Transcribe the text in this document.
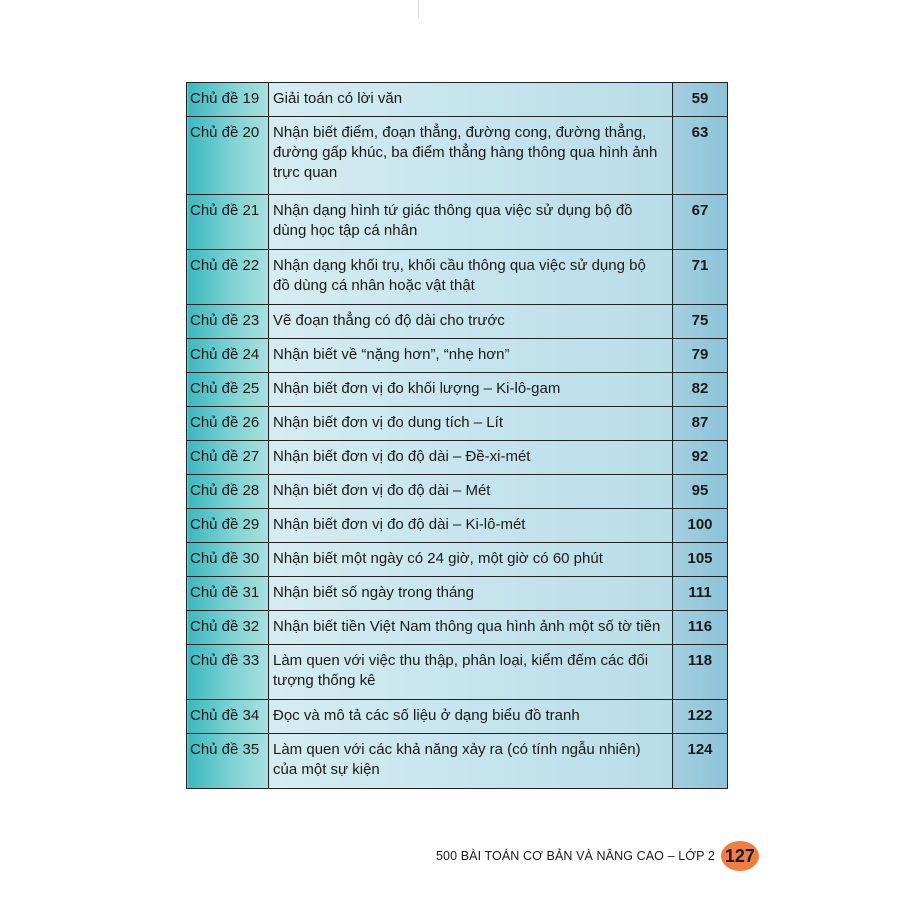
Chủ đề 19	Giải toán có lời văn	59
Chủ đề 20	Nhận biết điểm, đoạn thẳng, đường cong, đường thẳng, đường gấp khúc, ba điểm thẳng hàng thông qua hình ảnh trực quan	63
Chủ đề 21	Nhận dạng hình tứ giác thông qua việc sử dụng bộ đồ dùng học tập cá nhân	67
Chủ đề 22	Nhận dạng khối trụ, khối cầu thông qua việc sử dụng bộ đồ dùng cá nhân hoặc vật thật	71
Chủ đề 23	Vẽ đoạn thẳng có độ dài cho trước	75
Chủ đề 24	Nhận biết về “nặng hơn”, “nhẹ hơn”	79
Chủ đề 25	Nhận biết đơn vị đo khối lượng – Ki-lô-gam	82
Chủ đề 26	Nhận biết đơn vị đo dung tích – Lít	87
Chủ đề 27	Nhận biết đơn vị đo độ dài – Đề-xi-mét	92
Chủ đề 28	Nhận biết đơn vị đo độ dài – Mét	95
Chủ đề 29	Nhận biết đơn vị đo độ dài – Ki-lô-mét	100
Chủ đề 30	Nhận biết một ngày có 24 giờ, một giờ có 60 phút	105
Chủ đề 31	Nhận biết số ngày trong tháng	111
Chủ đề 32	Nhận biết tiền Việt Nam thông qua hình ảnh một số tờ tiền	116
Chủ đề 33	Làm quen với việc thu thập, phân loại, kiểm đếm các đối tượng thống kê	118
Chủ đề 34	Đọc và mô tả các số liệu ở dạng biểu đồ tranh	122
Chủ đề 35	Làm quen với các khả năng xảy ra (có tính ngẫu nhiên) của một sự kiện	124
500 BÀI TOÁN CƠ BẢN VÀ NÂNG CAO – LỚP 2 127
